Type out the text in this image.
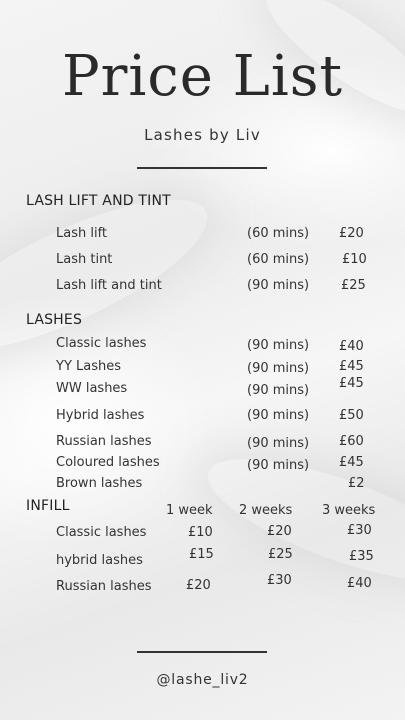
Price List
Lashes by Liv
LASH LIFT AND TINT
Lash lift	(60 mins) £20
Lash tint	(60 mins)	£10
Lash lift and tint	(90 mins) £25
LASHES
Classic lashes	(90 mins) £40
YY Lashes	(90 mins) £45
WW lashes	(90 mins) £45
Hybrid lashes	(90 mins) £50
Russian lashes	(90 mins) £60
Coloured lashes	(90 mins) £45
Brown lashes	£2
INFILL	1 week 2 weeks 3 weeks
Classic lashes	£10	£20	£30
hybrid lashes	£15	£25	£35
Russian lashes	£20	£30	£40
@lashe_liv2
